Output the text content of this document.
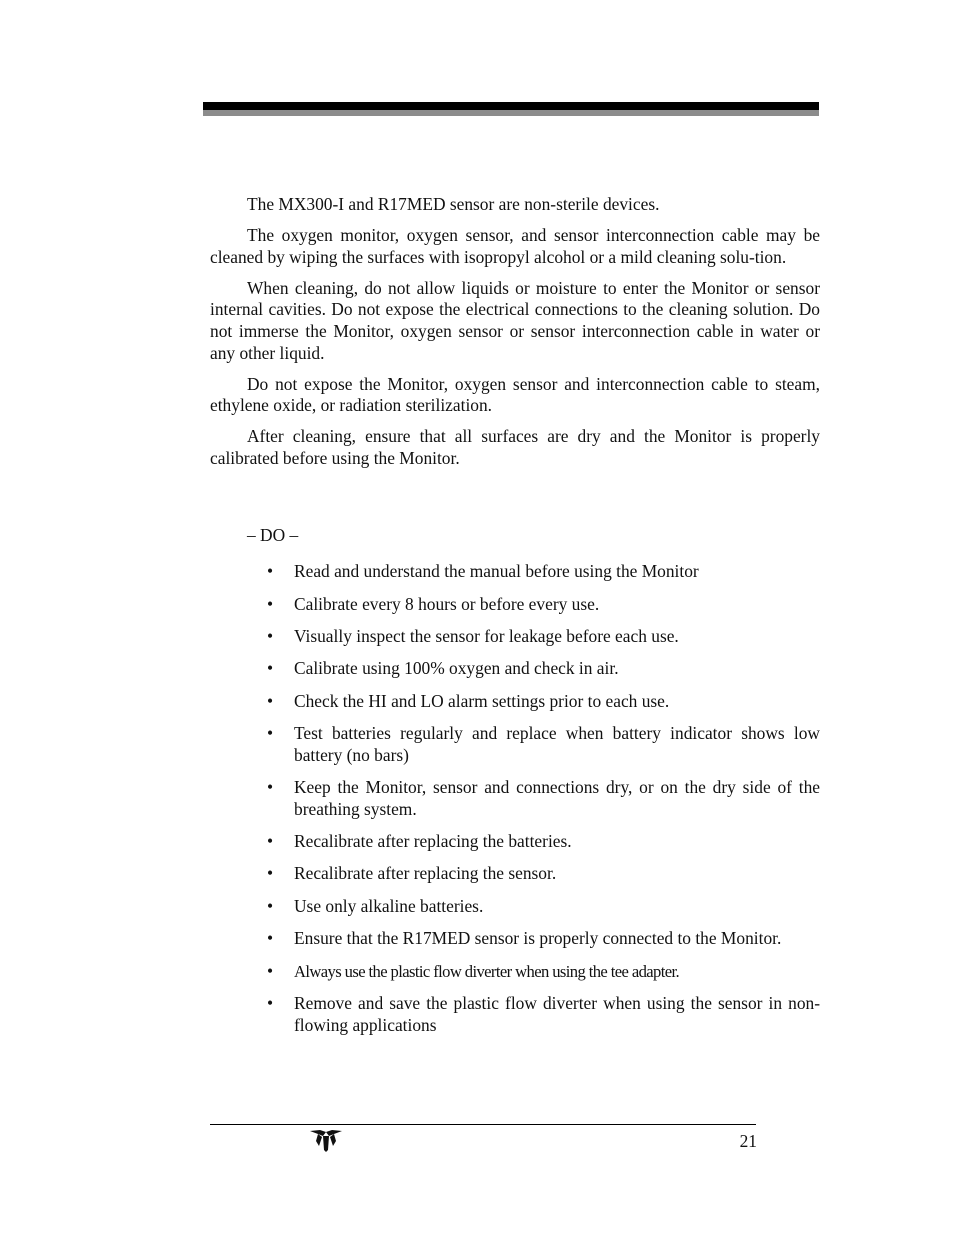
The MX300-I and R17MED sensor are non-sterile devices.

The oxygen monitor, oxygen sensor, and sensor interconnection cable may be cleaned by wiping the surfaces with isopropyl alcohol or a mild cleaning solu-tion.

When cleaning, do not allow liquids or moisture to enter the Monitor or sensor internal cavities. Do not expose the electrical connections to the cleaning solution. Do not immerse the Monitor, oxygen sensor or sensor interconnection cable in water or any other liquid.

Do not expose the Monitor, oxygen sensor and interconnection cable to steam, ethylene oxide, or radiation sterilization.

After cleaning, ensure that all surfaces are dry and the Monitor is properly calibrated before using the Monitor.

– DO –
• Read and understand the manual before using the Monitor
• Calibrate every 8 hours or before every use.
• Visually inspect the sensor for leakage before each use.
• Calibrate using 100% oxygen and check in air.
• Check the HI and LO alarm settings prior to each use.
• Test batteries regularly and replace when battery indicator shows low battery (no bars)
• Keep the Monitor, sensor and connections dry, or on the dry side of the breathing system.
• Recalibrate after replacing the batteries.
• Recalibrate after replacing the sensor.
• Use only alkaline batteries.
• Ensure that the R17MED sensor is properly connected to the Monitor.
• Always use the plastic flow diverter when using the tee adapter.
• Remove and save the plastic flow diverter when using the sensor in non-flowing applications
21
